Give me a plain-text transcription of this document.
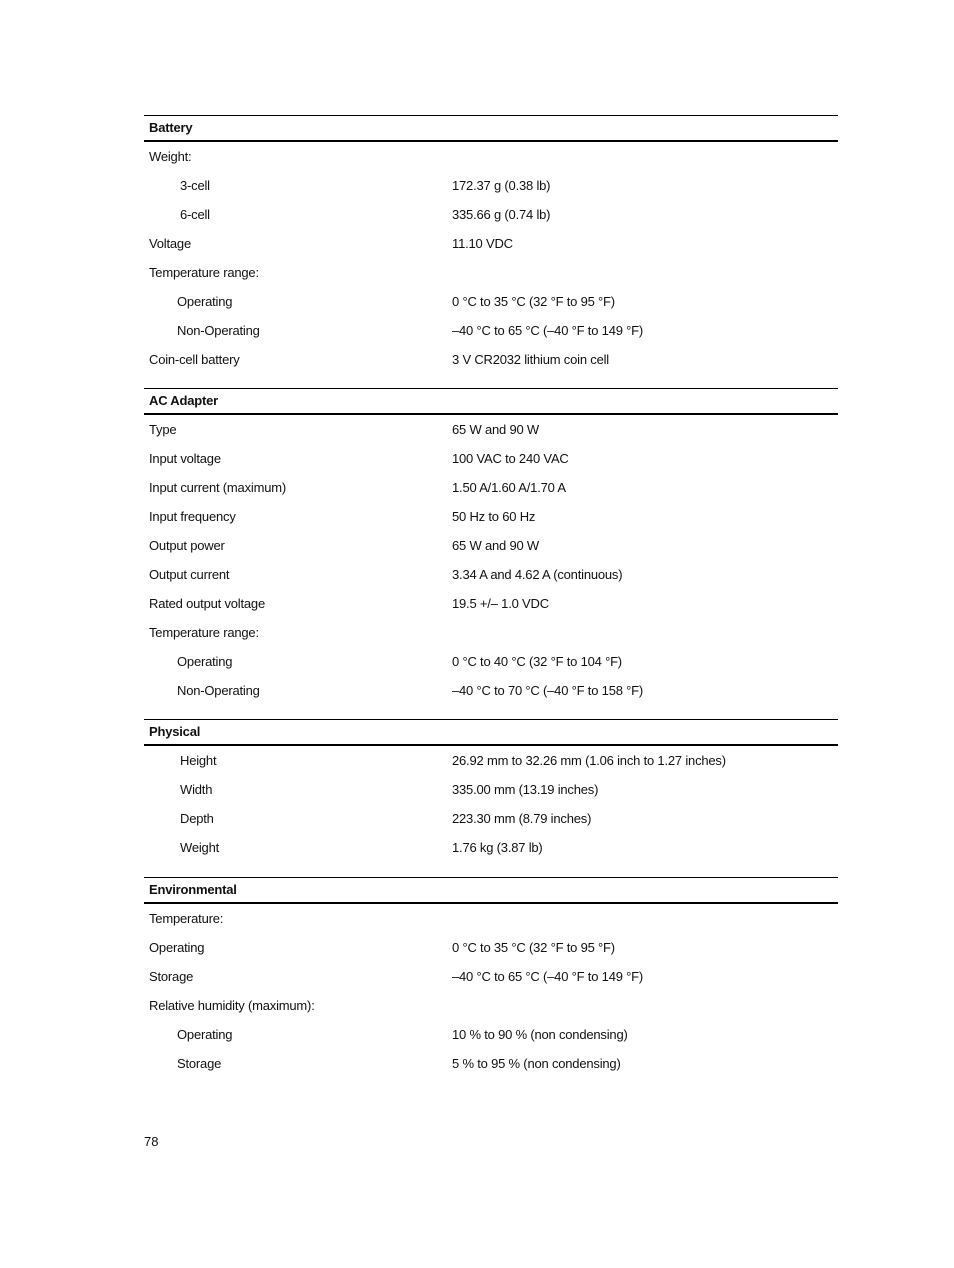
Battery
Weight:
3-cell	172.37 g (0.38 lb)
6-cell	335.66 g (0.74 lb)
Voltage	11.10 VDC
Temperature range:
Operating	0 °C to 35 °C (32 °F to 95 °F)
Non-Operating	–40 °C to 65 °C (–40 °F to 149 °F)
Coin-cell battery	3 V CR2032 lithium coin cell
AC Adapter
Type	65 W and 90 W
Input voltage	100 VAC to 240 VAC
Input current (maximum)	1.50 A/1.60 A/1.70 A
Input frequency	50 Hz to 60 Hz
Output power	65 W and 90 W
Output current	3.34 A and 4.62 A (continuous)
Rated output voltage	19.5 +/– 1.0 VDC
Temperature range:
Operating	0 °C to 40 °C (32 °F to 104 °F)
Non-Operating	–40 °C to 70 °C (–40 °F to 158 °F)
Physical
Height	26.92 mm to 32.26 mm (1.06 inch to 1.27 inches)
Width	335.00 mm (13.19 inches)
Depth	223.30 mm (8.79 inches)
Weight	1.76 kg (3.87 lb)
Environmental
Temperature:
Operating	0 °C to 35 °C (32 °F to 95 °F)
Storage	–40 °C to 65 °C (–40 °F to 149 °F)
Relative humidity (maximum):
Operating	10 % to 90 % (non condensing)
Storage	5 % to 95 % (non condensing)
78
